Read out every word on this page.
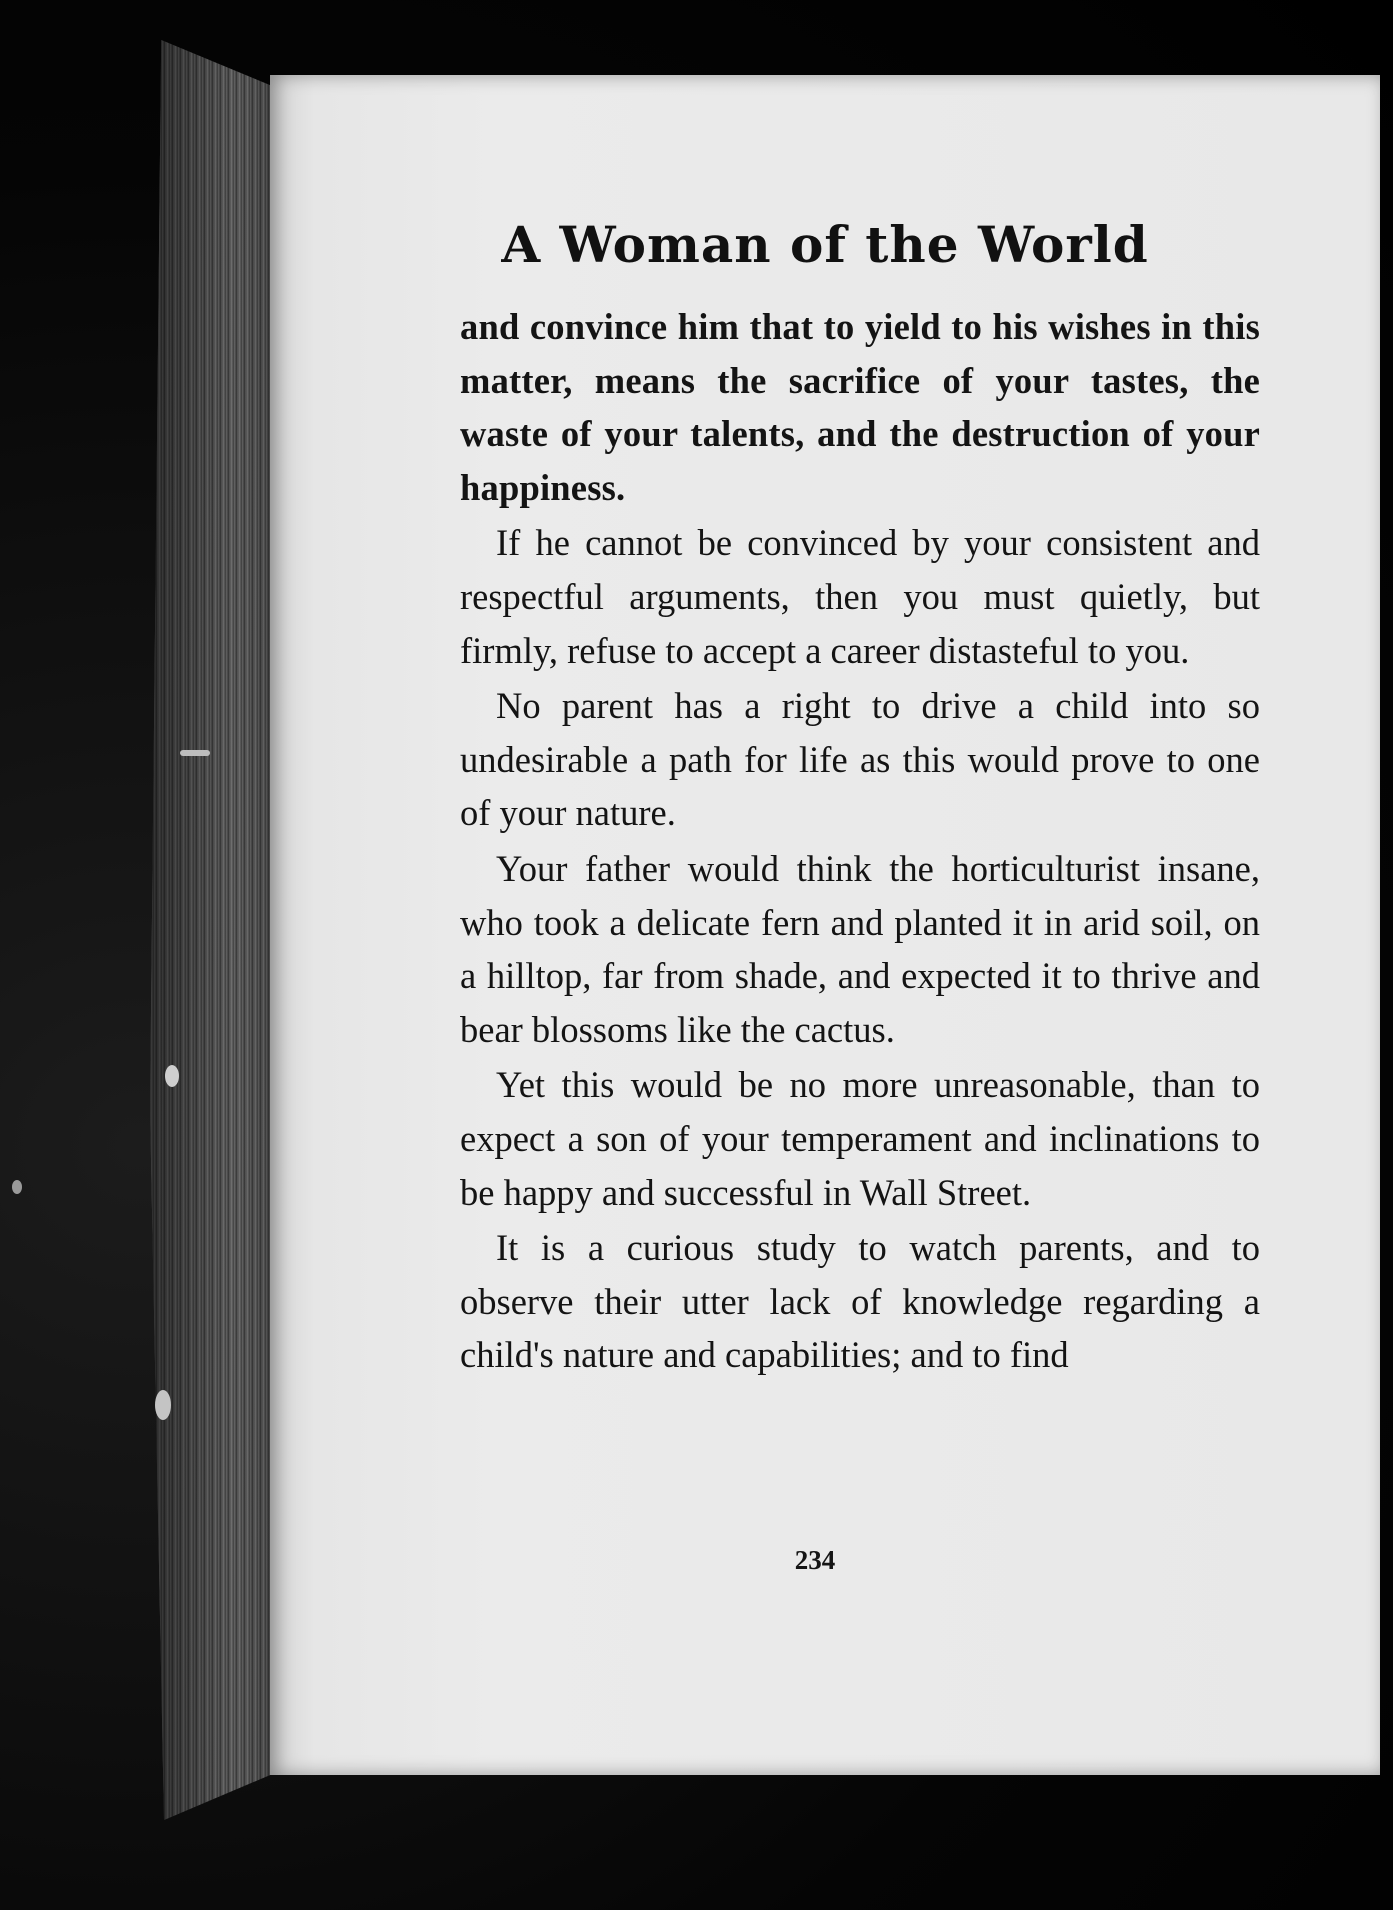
A Woman of the World

and convince him that to yield to his wishes in this matter, means the sacrifice of your tastes, the waste of your talents, and the destruction of your happiness.

If he cannot be convinced by your consistent and respectful arguments, then you must quietly, but firmly, refuse to accept a career distasteful to you.

No parent has a right to drive a child into so undesirable a path for life as this would prove to one of your nature.

Your father would think the horticulturist insane, who took a delicate fern and planted it in arid soil, on a hilltop, far from shade, and expected it to thrive and bear blossoms like the cactus.

Yet this would be no more unreasonable, than to expect a son of your temperament and inclinations to be happy and successful in Wall Street.

It is a curious study to watch parents, and to observe their utter lack of knowledge regarding a child's nature and capabilities; and to find

234
